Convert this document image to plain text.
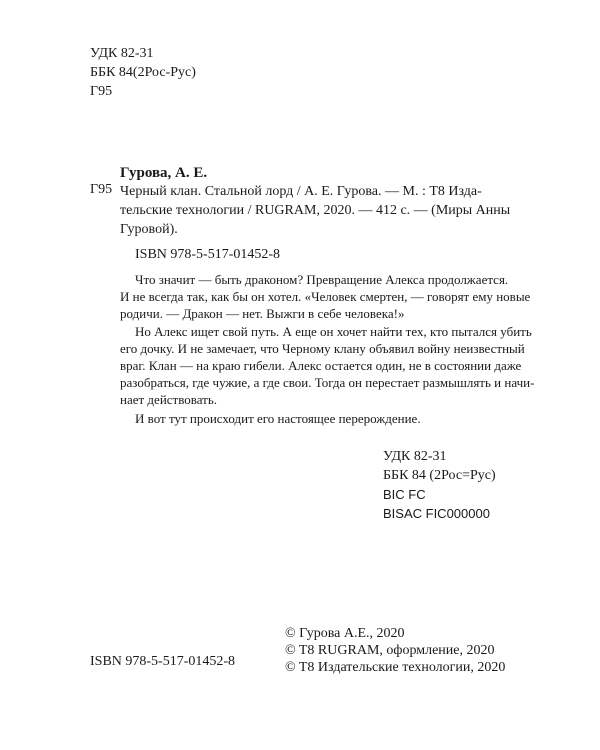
УДК 82-31
ББК 84(2Рос-Рус)
Г95
Гурова, А. Е.
Г95 Черный клан. Стальной лорд / А. Е. Гурова. — М. : Т8 Изда-
тельские технологии / RUGRAM, 2020. — 412 с. — (Миры Анны
Гуровой).
ISBN 978-5-517-01452-8
Что значит — быть драконом? Превращение Алекса продолжается.
И не всегда так, как бы он хотел. «Человек смертен, — говорят ему новые
родичи. — Дракон — нет. Выжги в себе человека!»
Но Алекс ищет свой путь. А еще он хочет найти тех, кто пытался убить
его дочку. И не замечает, что Черному клану объявил войну неизвестный
враг. Клан — на краю гибели. Алекс остается один, не в состоянии даже
разобраться, где чужие, а где свои. Тогда он перестает размышлять и начи-
нает действовать.
И вот тут происходит его настоящее перерождение.
УДК 82-31
ББК 84 (2Рос=Рус)
BIC FC
BISAC FIC000000
© Гурова А.Е., 2020
© T8 RUGRAM, оформление, 2020
© T8 Издательские технологии, 2020
ISBN 978-5-517-01452-8
